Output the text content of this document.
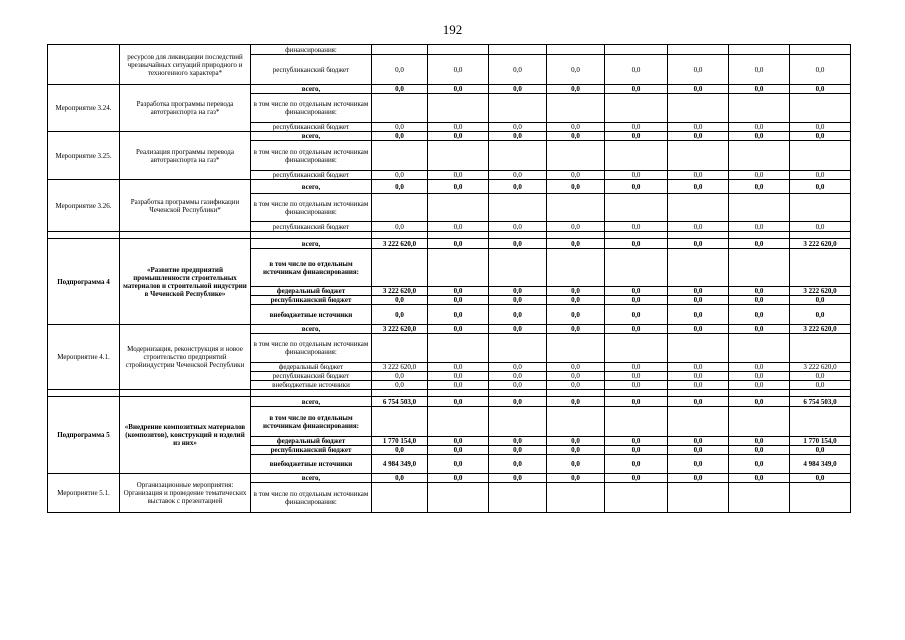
192
	ресурсов для ликвидации последствий чрезвычайных ситуаций природного и техногенного характера*	финансирования:								
		республиканский бюджет	0,0	0,0	0,0	0,0	0,0	0,0	0,0	0,0
Мероприятие 3.24.	Разработка программы перевода автотранспорта на газ*	всего,	0,0	0,0	0,0	0,0	0,0	0,0	0,0	0,0
		в том числе по отдельным источникам финансирования:								
		республиканский бюджет	0,0	0,0	0,0	0,0	0,0	0,0	0,0	0,0
Мероприятие 3.25.	Реализация программы перевода автотранспорта на газ*	всего,	0,0	0,0	0,0	0,0	0,0	0,0	0,0	0,0
		в том числе по отдельным источникам финансирования:								
		республиканский бюджет	0,0	0,0	0,0	0,0	0,0	0,0	0,0	0,0
Мероприятие 3.26.	Разработка программы газификации Чеченской Республики*	всего,	0,0	0,0	0,0	0,0	0,0	0,0	0,0	0,0
		в том числе по отдельным источникам финансирования:								
		республиканский бюджет	0,0	0,0	0,0	0,0	0,0	0,0	0,0	0,0

Подпрограмма 4	«Развитие предприятий промышленности строительных материалов и строительной индустрии в Чеченской Республике»	всего,	3 222 620,0	0,0	0,0	0,0	0,0	0,0	0,0	3 222 620,0
		в том числе по отдельным источникам финансирования:								
		федеральный бюджет	3 222 620,0	0,0	0,0	0,0	0,0	0,0	0,0	3 222 620,0
		республиканский бюджет	0,0	0,0	0,0	0,0	0,0	0,0	0,0	0,0
		внебюджетные источники	0,0	0,0	0,0	0,0	0,0	0,0	0,0	0,0
Мероприятие 4.1.	Модернизация, реконструкция и новое строительство предприятий стройиндустрии Чеченской Республики	всего,	3 222 620,0	0,0	0,0	0,0	0,0	0,0	0,0	3 222 620,0
		в том числе по отдельным источникам финансирования:								
		федеральный бюджет	3 222 620,0	0,0	0,0	0,0	0,0	0,0	0,0	3 222 620,0
		республиканский бюджет	0,0	0,0	0,0	0,0	0,0	0,0	0,0	0,0
		внебюджетные источники	0,0	0,0	0,0	0,0	0,0	0,0	0,0	0,0

Подпрограмма 5	«Внедрение композитных материалов (композитов), конструкций и изделий из них»	всего,	6 754 503,0	0,0	0,0	0,0	0,0	0,0	0,0	6 754 503,0
		в том числе по отдельным источникам финансирования:								
		федеральный бюджет	1 770 154,0	0,0	0,0	0,0	0,0	0,0	0,0	1 770 154,0
		республиканский бюджет	0,0	0,0	0,0	0,0	0,0	0,0	0,0	0,0
		внебюджетные источники	4 984 349,0	0,0	0,0	0,0	0,0	0,0	0,0	4 984 349,0
Мероприятие 5.1.	Организационные мероприятия: Организация и проведение тематических выставок с презентацией	всего,	0,0	0,0	0,0	0,0	0,0	0,0	0,0	0,0
		в том числе по отдельным источникам финансирования:								
